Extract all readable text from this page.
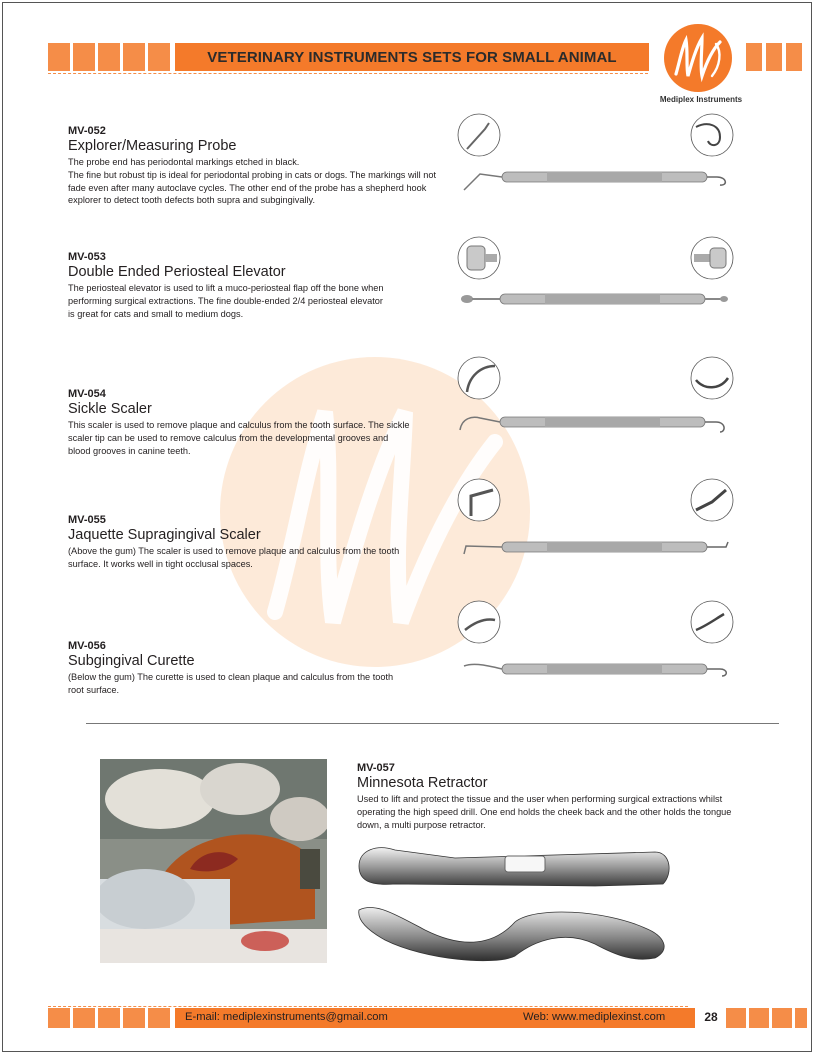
VETERINARY INSTRUMENTS SETS FOR SMALL ANIMAL
Mediplex Instruments

MV-052

Explorer/Measuring Probe

The probe end has periodontal markings etched in black.
The fine but robust tip is ideal for periodontal probing in cats or dogs. The markings will not fade even after many autoclave cycles. The other end of the probe has a shepherd hook explorer to detect tooth defects both supra and subgingivally.

MV-053

Double Ended Periosteal Elevator

The periosteal elevator is used to lift a muco-periosteal flap off the bone when performing surgical extractions. The fine double-ended 2/4 periosteal elevator is great for cats and small to medium dogs.

MV-054

Sickle Scaler

This scaler is used to remove plaque and calculus from the tooth surface. The sickle scaler tip can be used to remove calculus from the developmental grooves and blood grooves in canine teeth.

MV-055

Jaquette Supragingival Scaler

(Above the gum) The scaler is used to remove plaque and calculus from the tooth surface. It works well in tight occlusal spaces.

MV-056

Subgingival Curette

(Below the gum) The curette is used to clean plaque and calculus from the tooth root surface.

MV-057

Minnesota Retractor

Used to lift and protect the tissue and the user when performing surgical extractions whilst operating the high speed drill. One end holds the cheek back and the other holds the tongue down, a multi purpose retractor.

E-mail: mediplexinstruments@gmail.com	Web: www.mediplexinst.com	28
